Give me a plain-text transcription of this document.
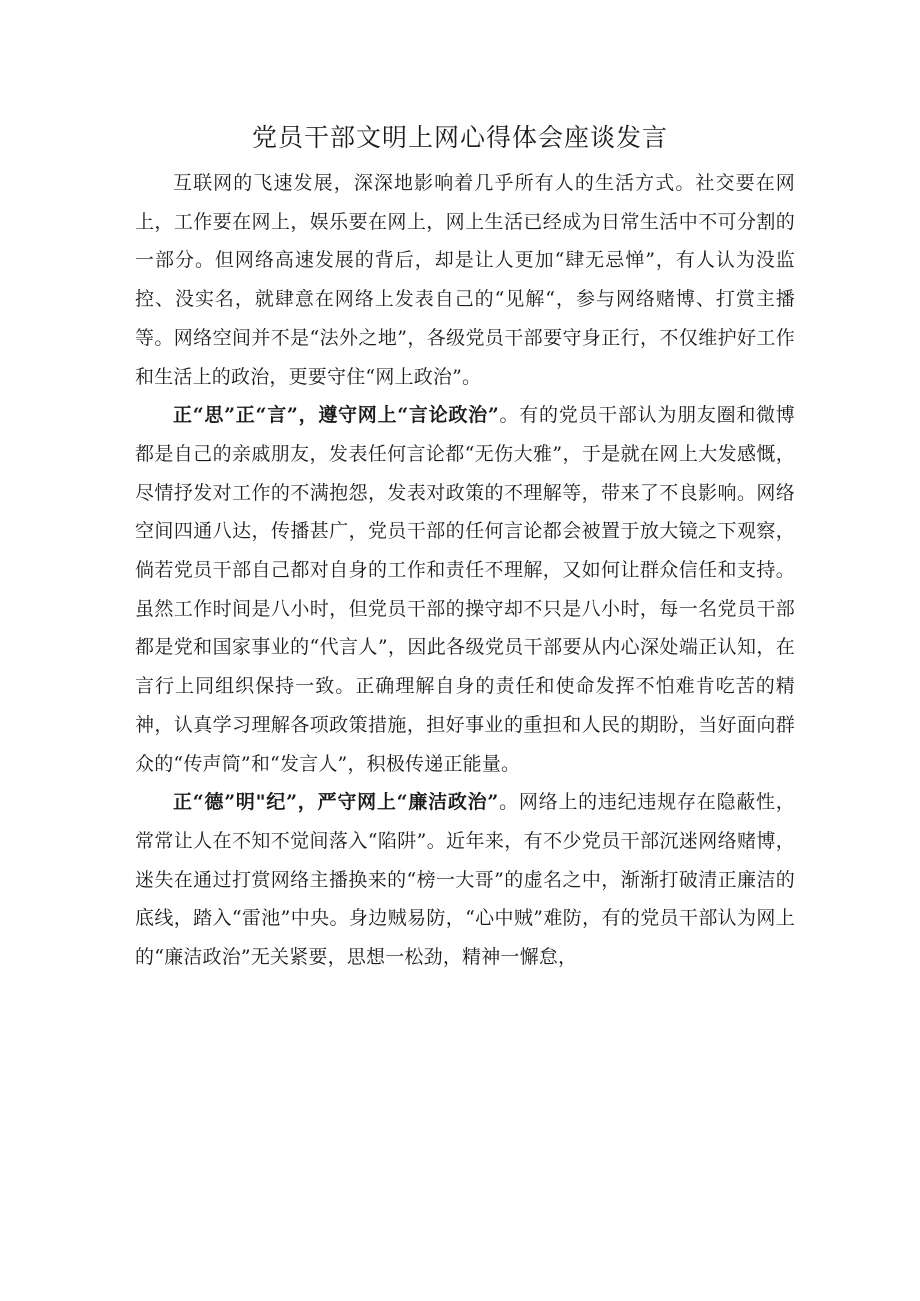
党员干部文明上网心得体会座谈发言

互联网的飞速发展，深深地影响着几乎所有人的生活方式。社交要在网上，工作要在网上，娱乐要在网上，网上生活已经成为日常生活中不可分割的一部分。但网络高速发展的背后，却是让人更加“肆无忌惮”，有人认为没监控、没实名，就肆意在网络上发表自己的“见解“，参与网络赌博、打赏主播等。网络空间并不是“法外之地”，各级党员干部要守身正行，不仅维护好工作和生活上的政治，更要守住“网上政治”。

正“思”正“言”，遵守网上“言论政治”。有的党员干部认为朋友圈和微博都是自己的亲戚朋友，发表任何言论都“无伤大雅”，于是就在网上大发感慨，尽情抒发对工作的不满抱怨，发表对政策的不理解等，带来了不良影响。网络空间四通八达，传播甚广，党员干部的任何言论都会被置于放大镜之下观察，倘若党员干部自己都对自身的工作和责任不理解，又如何让群众信任和支持。虽然工作时间是八小时，但党员干部的操守却不只是八小时，每一名党员干部都是党和国家事业的“代言人”，因此各级党员干部要从内心深处端正认知，在言行上同组织保持一致。正确理解自身的责任和使命发挥不怕难肯吃苦的精神，认真学习理解各项政策措施，担好事业的重担和人民的期盼，当好面向群众的“传声筒”和“发言人”，积极传递正能量。

正“德”明"纪”，严守网上“廉洁政治”。网络上的违纪违规存在隐蔽性，常常让人在不知不觉间落入“陷阱”。近年来，有不少党员干部沉迷网络赌博，迷失在通过打赏网络主播换来的“榜一大哥”的虚名之中，渐渐打破清正廉洁的底线，踏入“雷池”中央。身边贼易防，“心中贼”难防，有的党员干部认为网上的“廉洁政治”无关紧要，思想一松劲，精神一懈怠，
